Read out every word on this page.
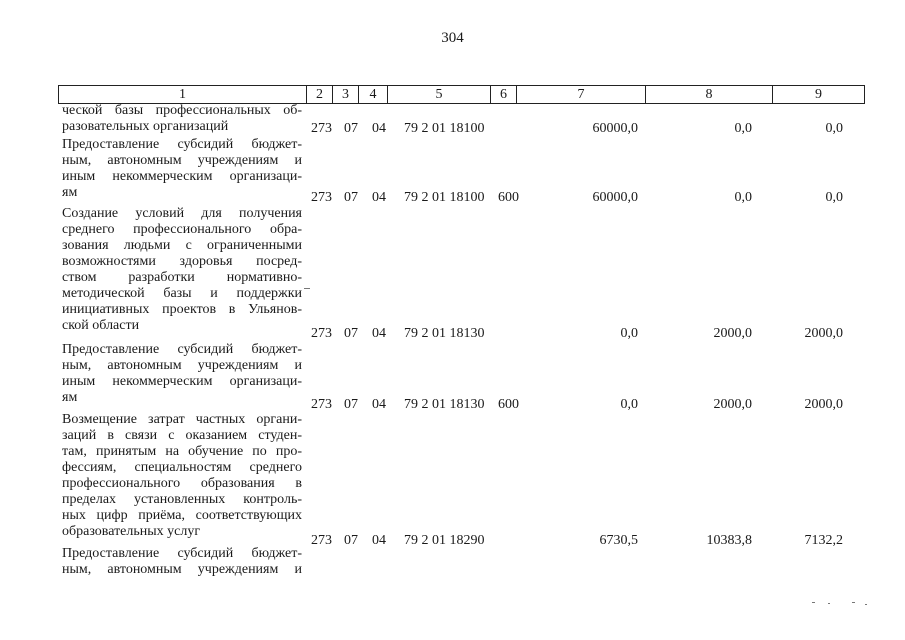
304
1	2	3	4	5	6	7	8	9
ческой базы профессиональных об-
разовательных организаций	273 07 04 79 2 01 18100	60000,0	0,0	0,0
Предоставление субсидий бюджет-
ным, автономным учреждениям и
иным некоммерческим организаци-
ям	273 07 04 79 2 01 18100 600	60000,0	0,0	0,0
Создание условий для получения
среднего профессионального обра-
зования людьми с ограниченными
возможностями здоровья посред-
ством разработки нормативно-
методической базы и поддержки
инициативных проектов в Ульянов-
ской области
273 07 04 79 2 01 18130	0,0	2000,0	2000,0
Предоставление субсидий бюджет-
ным, автономным учреждениям и
иным некоммерческим организаци-
ям	273 07 04 79 2 01 18130 600	0,0	2000,0	2000,0
Возмещение затрат частных органи-
заций в связи с оказанием студен-
там, принятым на обучение по про-
фессиям, специальностям среднего
профессионального образования в
пределах установленных контроль-
ных цифр приёма, соответствующих
образовательных услуг
273 07 04 79 2 01 18290	6730,5	10383,8	7132,2
Предоставление субсидий бюджет-
ным, автономным учреждениям и
